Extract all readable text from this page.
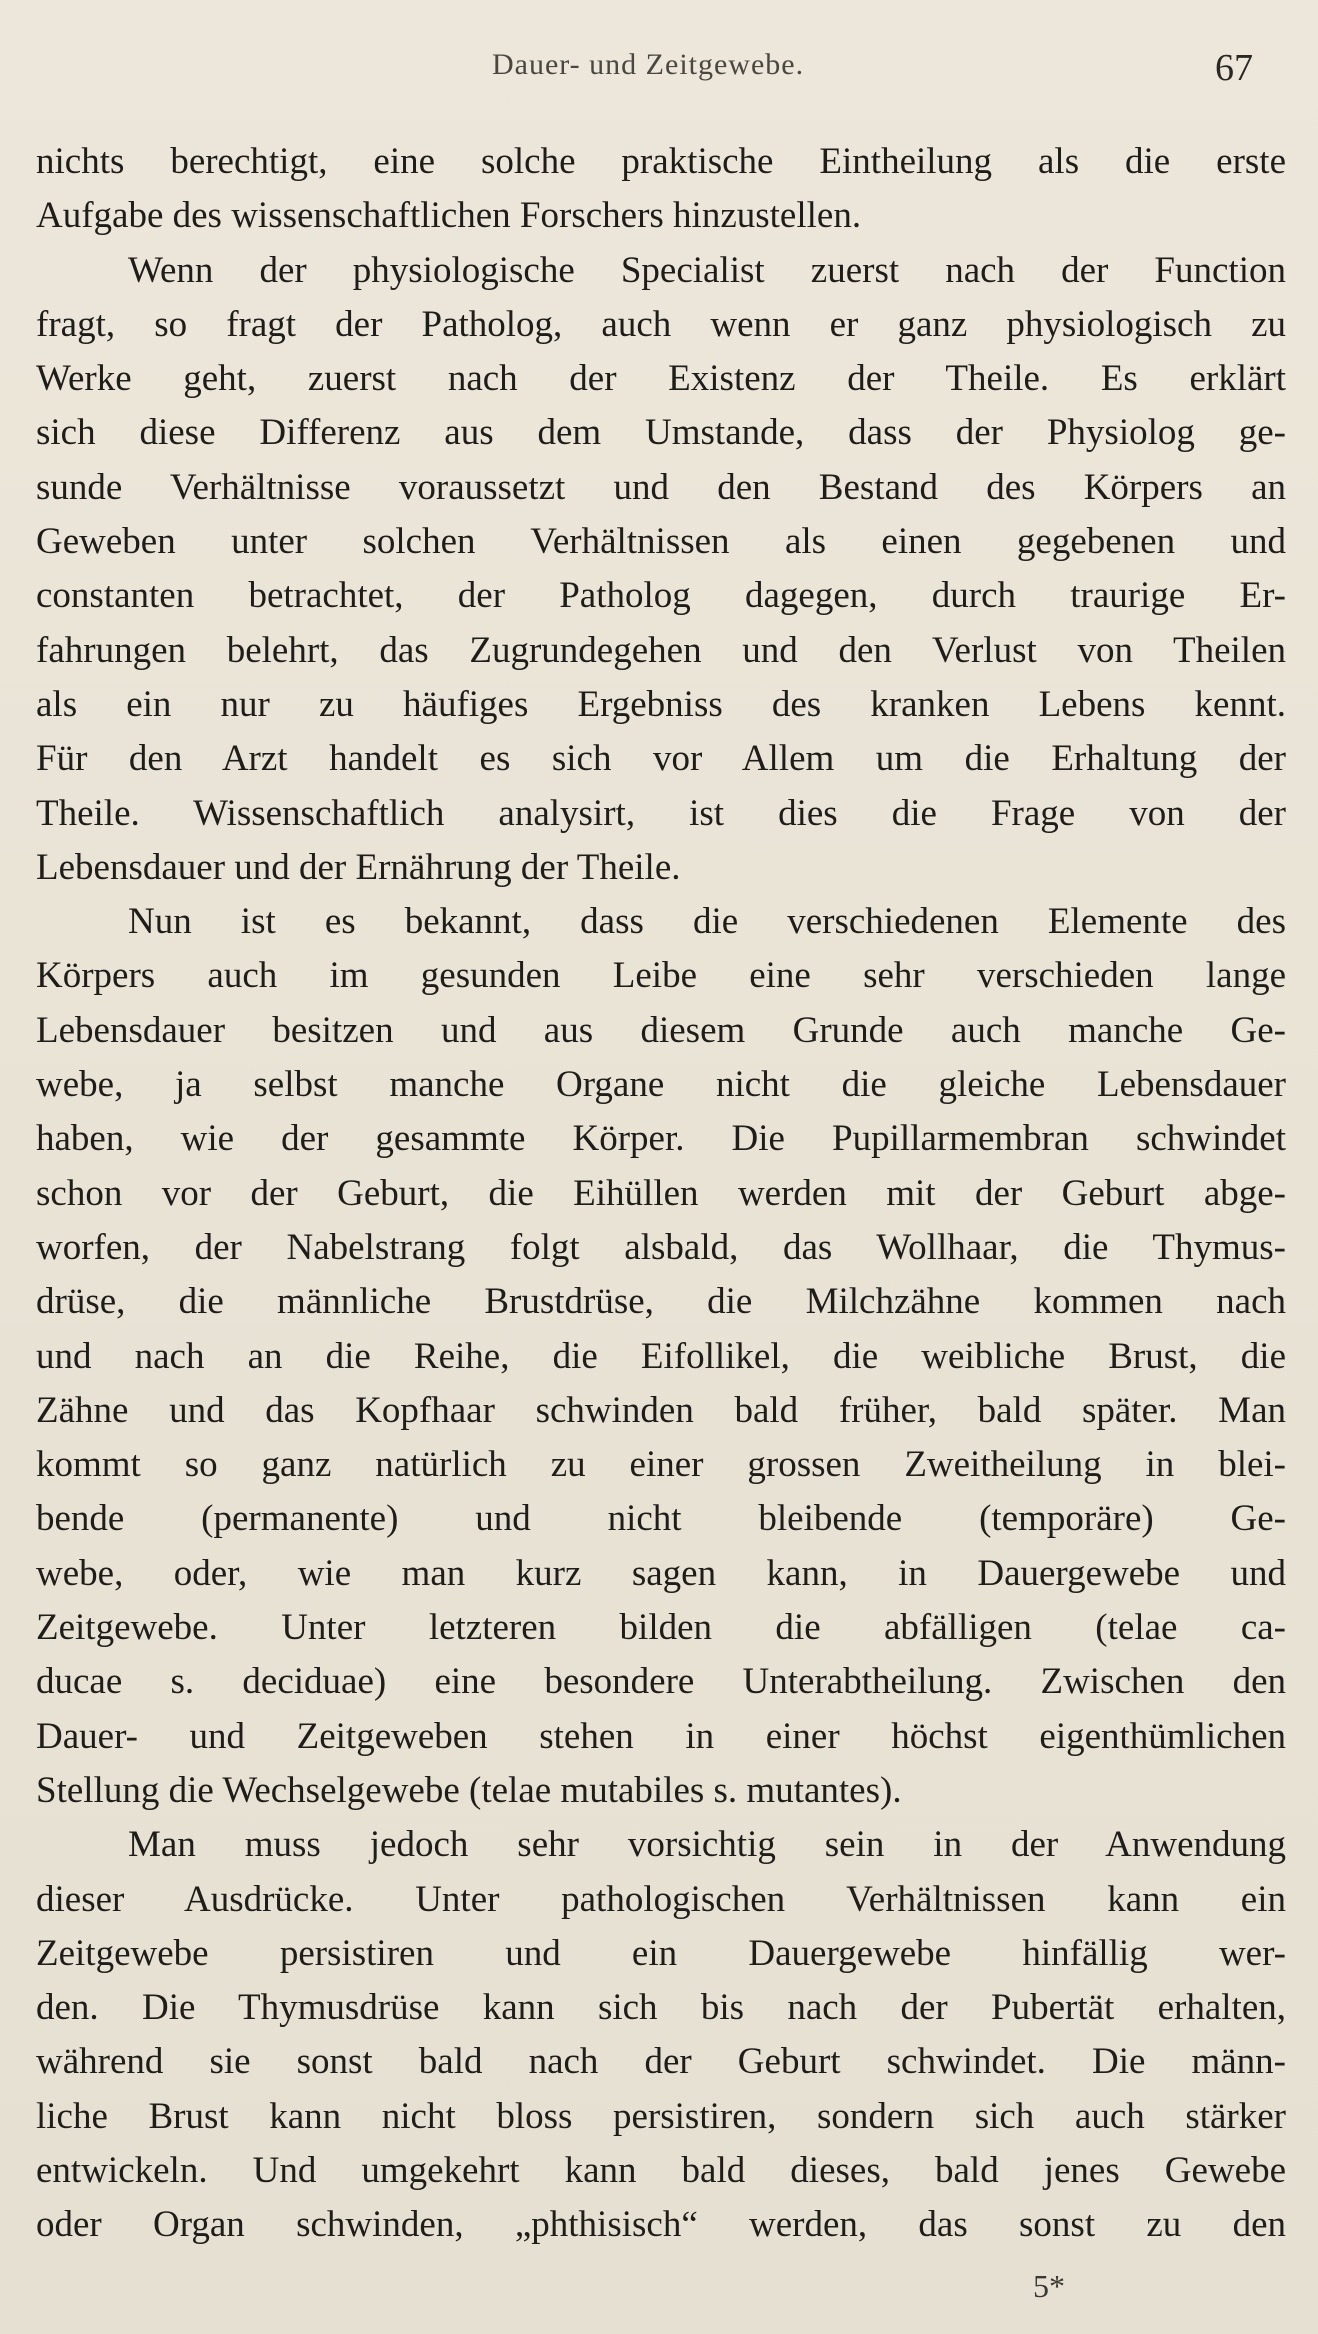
Dauer- und Zeitgewebe.	67
nichts berechtigt, eine solche praktische Eintheilung als die erste
Aufgabe des wissenschaftlichen Forschers hinzustellen.
Wenn der physiologische Specialist zuerst nach der Function
fragt, so fragt der Patholog, auch wenn er ganz physiologisch zu
Werke geht, zuerst nach der Existenz der Theile. Es erklärt
sich diese Differenz aus dem Umstande, dass der Physiolog ge-
sunde Verhältnisse voraussetzt und den Bestand des Körpers an
Geweben unter solchen Verhältnissen als einen gegebenen und
constanten betrachtet, der Patholog dagegen, durch traurige Er-
fahrungen belehrt, das Zugrundegehen und den Verlust von Theilen
als ein nur zu häufiges Ergebniss des kranken Lebens kennt.
Für den Arzt handelt es sich vor Allem um die Erhaltung der
Theile. Wissenschaftlich analysirt, ist dies die Frage von der
Lebensdauer und der Ernährung der Theile.
Nun ist es bekannt, dass die verschiedenen Elemente des
Körpers auch im gesunden Leibe eine sehr verschieden lange
Lebensdauer besitzen und aus diesem Grunde auch manche Ge-
webe, ja selbst manche Organe nicht die gleiche Lebensdauer
haben, wie der gesammte Körper. Die Pupillarmembran schwindet
schon vor der Geburt, die Eihüllen werden mit der Geburt abge-
worfen, der Nabelstrang folgt alsbald, das Wollhaar, die Thymus-
drüse, die männliche Brustdrüse, die Milchzähne kommen nach
und nach an die Reihe, die Eifollikel, die weibliche Brust, die
Zähne und das Kopfhaar schwinden bald früher, bald später. Man
kommt so ganz natürlich zu einer grossen Zweitheilung in blei-
bende (permanente) und nicht bleibende (temporäre) Ge-
webe, oder, wie man kurz sagen kann, in Dauergewebe und
Zeitgewebe. Unter letzteren bilden die abfälligen (telae ca-
ducae s. deciduae) eine besondere Unterabtheilung. Zwischen den
Dauer- und Zeitgeweben stehen in einer höchst eigenthümlichen
Stellung die Wechselgewebe (telae mutabiles s. mutantes).
Man muss jedoch sehr vorsichtig sein in der Anwendung
dieser Ausdrücke. Unter pathologischen Verhältnissen kann ein
Zeitgewebe persistiren und ein Dauergewebe hinfällig wer-
den. Die Thymusdrüse kann sich bis nach der Pubertät erhalten,
während sie sonst bald nach der Geburt schwindet. Die männ-
liche Brust kann nicht bloss persistiren, sondern sich auch stärker
entwickeln. Und umgekehrt kann bald dieses, bald jenes Gewebe
oder Organ schwinden, „phthisisch“ werden, das sonst zu den
5*
